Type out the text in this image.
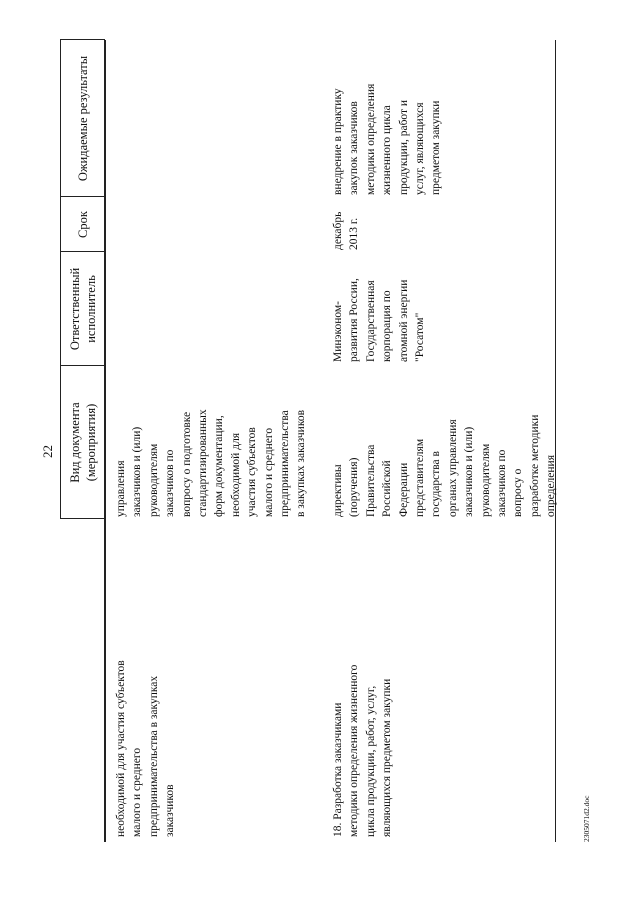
22
Вид документа
(мероприятия)
Ответственный
исполнитель
Срок
Ожидаемые результаты
необходимой для участия субъектов
малого и среднего
предпринимательства в закупках
заказчиков
управления
заказчиков и (или)
руководителям
заказчиков по
вопросу о подготовке
стандартизированных
форм документации,
необходимой для
участия субъектов
малого и среднего
предпринимательства
в закупках заказчиков
18. Разработка заказчиками
методики определения жизненного
цикла продукции, работ, услуг,
являющихся предметом закупки
директивы
(поручения)
Правительства
Российской
Федерации
представителям
государства в
органах управления
заказчиков и (или)
руководителям
заказчиков по
вопросу о
разработке методики
определения
Минэконом-
развития России,
Государственная
корпорация по
атомной энергии
"Росатом"
декабрь
2013 г.
внедрение в практику
закупок заказчиков
методики определения
жизненного цикла
продукции, работ и
услуг, являющихся
предметом закупки
2305071d2.doc
